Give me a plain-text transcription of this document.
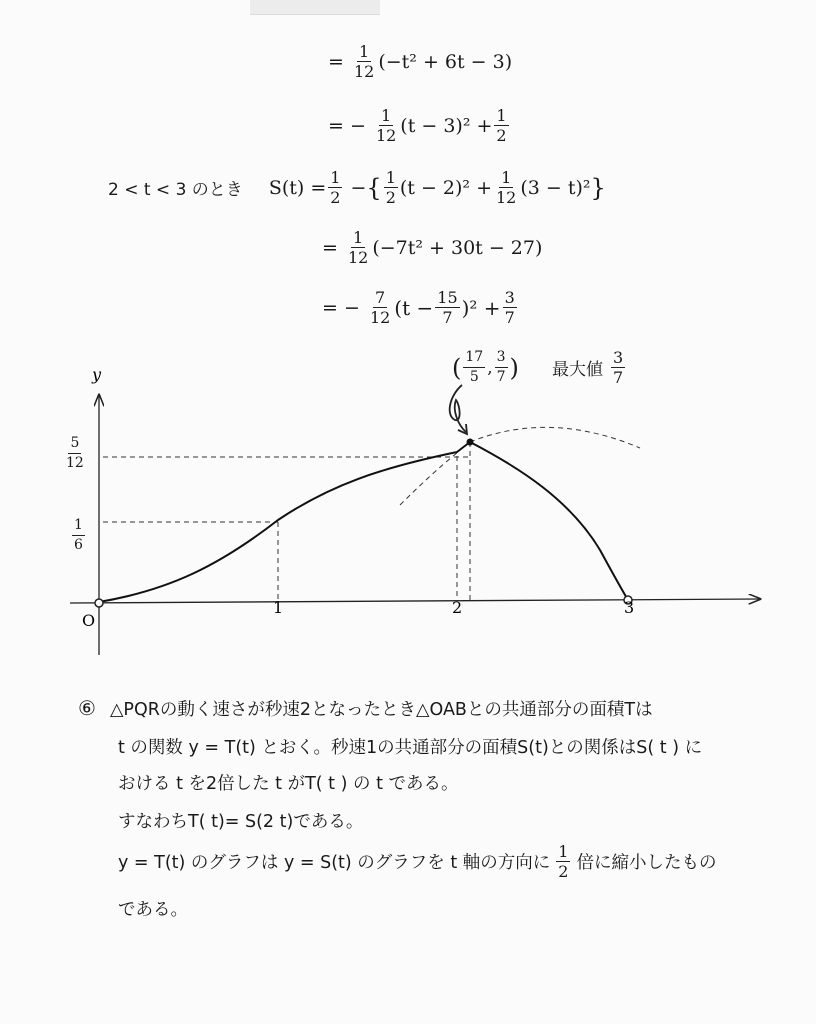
=
$\frac{1}{12} (-t^2 + 6t - 3)$
= −
$\frac{1}{12} (t - 3)^2 + \frac{1}{2}$
2 < t < 3 のとき $S(t) = \frac{1}{2}$
− { $\frac{1}{2} (t - 2)^2 + \frac{1}{12} (3 - t)^2$ }
=
$\frac{1}{12} (-7t^2 + 30t - 27)$
= −
$\frac{7}{12} (t - \frac{15}{7} )^2 + \frac{3}{7}$
y
O
1	2	3
$\frac{5}{12}$
$\frac{1}{6}$
( $\frac{17}{5}$ , $\frac{3}{7}$ ) 最大値 $\frac{3}{7}$
⑥ △PQRの動く速さが秒速2となったとき△OABとの共通部分の面積Tは
t の関数 y = T(t) とおく。秒速1の共通部分の面積S(t)との関係はS( t ) に
おける t を2倍した t がT( t ) の t である。
すなわちT( t)= S(2 t)である。
y = T(t) のグラフは y = S(t) のグラフを t 軸の方向に $\frac{1}{2}$ 倍に縮小したもの
である。
